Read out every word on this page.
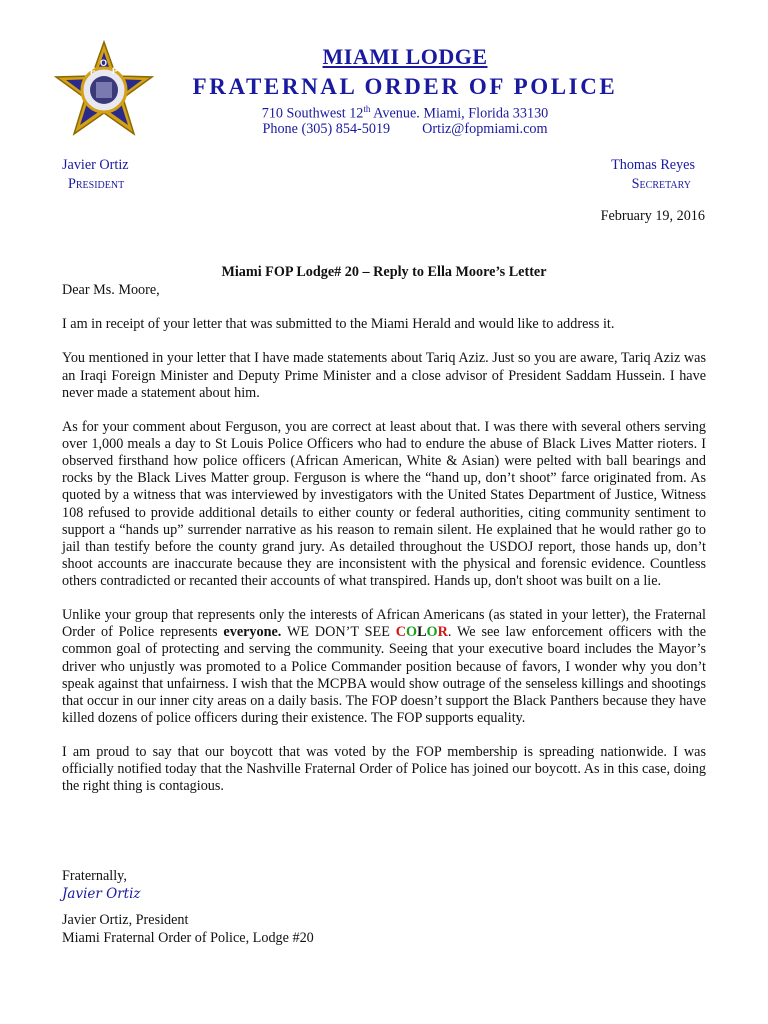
F
O
P
MIAMI LODGE
FRATERNAL ORDER OF POLICE
710 Southwest 12th Avenue. Miami, Florida 33130
Phone (305) 854-5019 Ortiz@fopmiami.com
Javier Ortiz
President
Thomas Reyes
Secretary
February 19, 2016
Miami FOP Lodge# 20 – Reply to Ella Moore’s Letter

Dear Ms. Moore,

I am in receipt of your letter that was submitted to the Miami Herald and would like to address it.

You mentioned in your letter that I have made statements about Tariq Aziz. Just so you are aware, Tariq Aziz was an Iraqi Foreign Minister and Deputy Prime Minister and a close advisor of President Saddam Hussein. I have never made a statement about him.

As for your comment about Ferguson, you are correct at least about that. I was there with several others serving over 1,000 meals a day to St Louis Police Officers who had to endure the abuse of Black Lives Matter rioters. I observed firsthand how police officers (African American, White & Asian) were pelted with ball bearings and rocks by the Black Lives Matter group. Ferguson is where the “hand up, don’t shoot” farce originated from. As quoted by a witness that was interviewed by investigators with the United States Department of Justice, Witness 108 refused to provide additional details to either county or federal authorities, citing community sentiment to support a “hands up” surrender narrative as his reason to remain silent. He explained that he would rather go to jail than testify before the county grand jury. As detailed throughout the USDOJ report, those hands up, don’t shoot accounts are inaccurate because they are inconsistent with the physical and forensic evidence. Countless others contradicted or recanted their accounts of what transpired. Hands up, don't shoot was built on a lie.

Unlike your group that represents only the interests of African Americans (as stated in your letter), the Fraternal Order of Police represents everyone. WE DON’T SEE COLOR. We see law enforcement officers with the common goal of protecting and serving the community. Seeing that your executive board includes the Mayor’s driver who unjustly was promoted to a Police Commander position because of favors, I wonder why you don’t speak against that unfairness. I wish that the MCPBA would show outrage of the senseless killings and shootings that occur in our inner city areas on a daily basis. The FOP doesn’t support the Black Panthers because they have killed dozens of police officers during their existence. The FOP supports equality.

I am proud to say that our boycott that was voted by the FOP membership is spreading nationwide. I was officially notified today that the Nashville Fraternal Order of Police has joined our boycott. As in this case, doing the right thing is contagious.

Fraternally,
Javier Ortiz
Javier Ortiz, President
Miami Fraternal Order of Police, Lodge #20
